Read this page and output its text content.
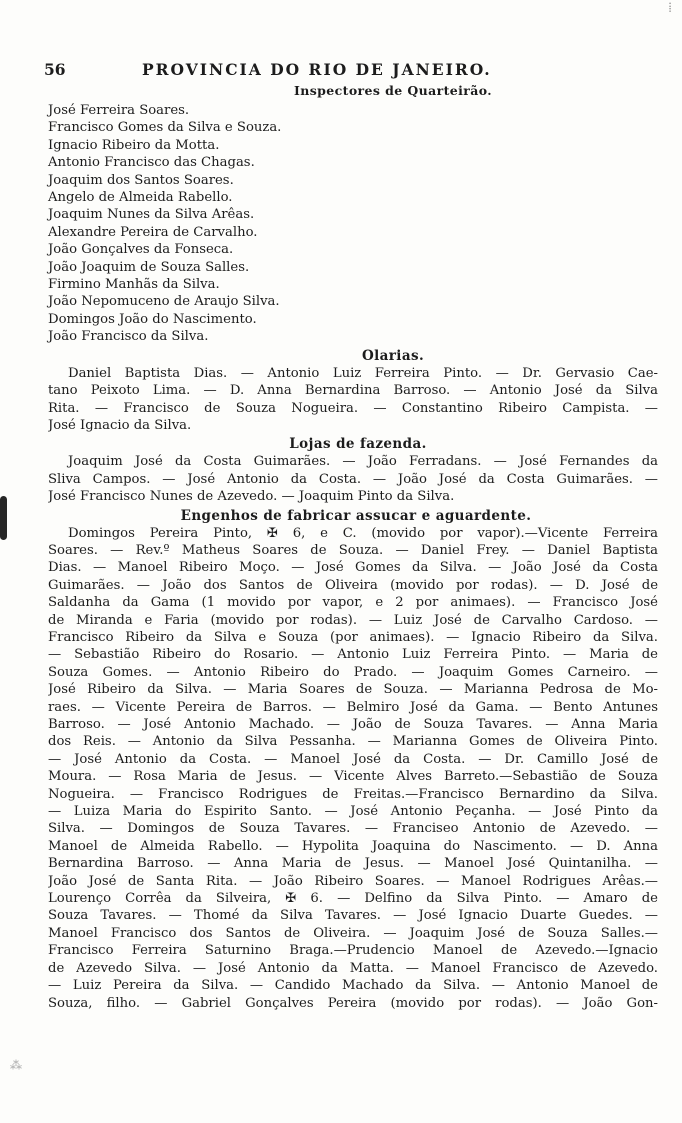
⁞
⁂
56	PROVINCIA DO RIO DE JANEIRO.
Inspectores de Quarteirão.
José Ferreira Soares.
Francisco Gomes da Silva e Souza.
Ignacio Ribeiro da Motta.
Antonio Francisco das Chagas.
Joaquim dos Santos Soares.
Angelo de Almeida Rabello.
Joaquim Nunes da Silva Arêas.
Alexandre Pereira de Carvalho.
João Gonçalves da Fonseca.
João Joaquim de Souza Salles.
Firmino Manhãs da Silva.
João Nepomuceno de Araujo Silva.
Domingos João do Nascimento.
João Francisco da Silva.
Olarias.
Daniel Baptista Dias. — Antonio Luiz Ferreira Pinto. — Dr. Gervasio Cae-
tano Peixoto Lima. — D. Anna Bernardina Barroso. — Antonio José da Silva
Rita. — Francisco de Souza Nogueira. — Constantino Ribeiro Campista. —
José Ignacio da Silva.
Lojas de fazenda.
Joaquim José da Costa Guimarães. — João Ferradans. — José Fernandes da
Sliva Campos. — José Antonio da Costa. — João José da Costa Guimarães. —
José Francisco Nunes de Azevedo. — Joaquim Pinto da Silva.
Engenhos de fabricar assucar e aguardente.
Domingos Pereira Pinto, ✠ 6, e C. (movido por vapor).—Vicente Ferreira
Soares. — Rev.º Matheus Soares de Souza. — Daniel Frey. — Daniel Baptista
Dias. — Manoel Ribeiro Moço. — José Gomes da Silva. — João José da Costa
Guimarães. — João dos Santos de Oliveira (movido por rodas). — D. José de
Saldanha da Gama (1 movido por vapor, e 2 por animaes). — Francisco José
de Miranda e Faria (movido por rodas). — Luiz José de Carvalho Cardoso. —
Francisco Ribeiro da Silva e Souza (por animaes). — Ignacio Ribeiro da Silva.
— Sebastião Ribeiro do Rosario. — Antonio Luiz Ferreira Pinto. — Maria de
Souza Gomes. — Antonio Ribeiro do Prado. — Joaquim Gomes Carneiro. —
José Ribeiro da Silva. — Maria Soares de Souza. — Marianna Pedrosa de Mo-
raes. — Vicente Pereira de Barros. — Belmiro José da Gama. — Bento Antunes
Barroso. — José Antonio Machado. — João de Souza Tavares. — Anna Maria
dos Reis. — Antonio da Silva Pessanha. — Marianna Gomes de Oliveira Pinto.
— José Antonio da Costa. — Manoel José da Costa. — Dr. Camillo José de
Moura. — Rosa Maria de Jesus. — Vicente Alves Barreto.—Sebastião de Souza
Nogueira. — Francisco Rodrigues de Freitas.—Francisco Bernardino da Silva.
— Luiza Maria do Espirito Santo. — José Antonio Peçanha. — José Pinto da
Silva. — Domingos de Souza Tavares. — Franciseo Antonio de Azevedo. —
Manoel de Almeida Rabello. — Hypolita Joaquina do Nascimento. — D. Anna
Bernardina Barroso. — Anna Maria de Jesus. — Manoel José Quintanilha. —
João José de Santa Rita. — João Ribeiro Soares. — Manoel Rodrigues Arêas.—
Lourenço Corrêa da Silveira, ✠ 6. — Delfino da Silva Pinto. — Amaro de
Souza Tavares. — Thomé da Silva Tavares. — José Ignacio Duarte Guedes. —
Manoel Francisco dos Santos de Oliveira. — Joaquim José de Souza Salles.—
Francisco Ferreira Saturnino Braga.—Prudencio Manoel de Azevedo.—Ignacio
de Azevedo Silva. — José Antonio da Matta. — Manoel Francisco de Azevedo.
— Luiz Pereira da Silva. — Candido Machado da Silva. — Antonio Manoel de
Souza, filho. — Gabriel Gonçalves Pereira (movido por rodas). — João Gon-
